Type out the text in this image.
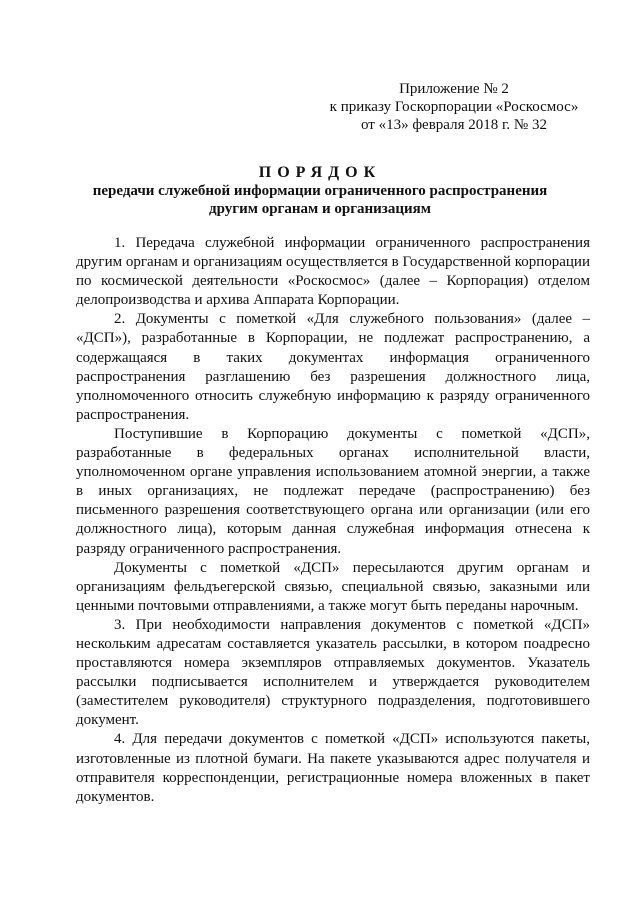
Приложение № 2
к приказу Госкорпорации «Роскосмос»
от «13» февраля 2018 г. № 32
ПОРЯДОК
передачи служебной информации ограниченного распространения
другим органам и организациям

1. Передача служебной информации ограниченного распространения другим органам и организациям осуществляется в Государственной корпорации по космической деятельности «Роскосмос» (далее – Корпорация) отделом делопроизводства и архива Аппарата Корпорации.

2. Документы с пометкой «Для служебного пользования» (далее – «ДСП»), разработанные в Корпорации, не подлежат распространению, а содержащаяся в таких документах информация ограниченного распространения разглашению без разрешения должностного лица, уполномоченного относить служебную информацию к разряду ограниченного распространения.

Поступившие в Корпорацию документы с пометкой «ДСП», разработанные в федеральных органах исполнительной власти, уполномоченном органе управления использованием атомной энергии, а также в иных организациях, не подлежат передаче (распространению) без письменного разрешения соответствующего органа или организации (или его должностного лица), которым данная служебная информация отнесена к разряду ограниченного распространения.

Документы с пометкой «ДСП» пересылаются другим органам и организациям фельдъегерской связью, специальной связью, заказными или ценными почтовыми отправлениями, а также могут быть переданы нарочным.

3. При необходимости направления документов с пометкой «ДСП» нескольким адресатам составляется указатель рассылки, в котором поадресно проставляются номера экземпляров отправляемых документов. Указатель рассылки подписывается исполнителем и утверждается руководителем (заместителем руководителя) структурного подразделения, подготовившего документ.

4. Для передачи документов с пометкой «ДСП» используются пакеты, изготовленные из плотной бумаги. На пакете указываются адрес получателя и отправителя корреспонденции, регистрационные номера вложенных в пакет документов.
